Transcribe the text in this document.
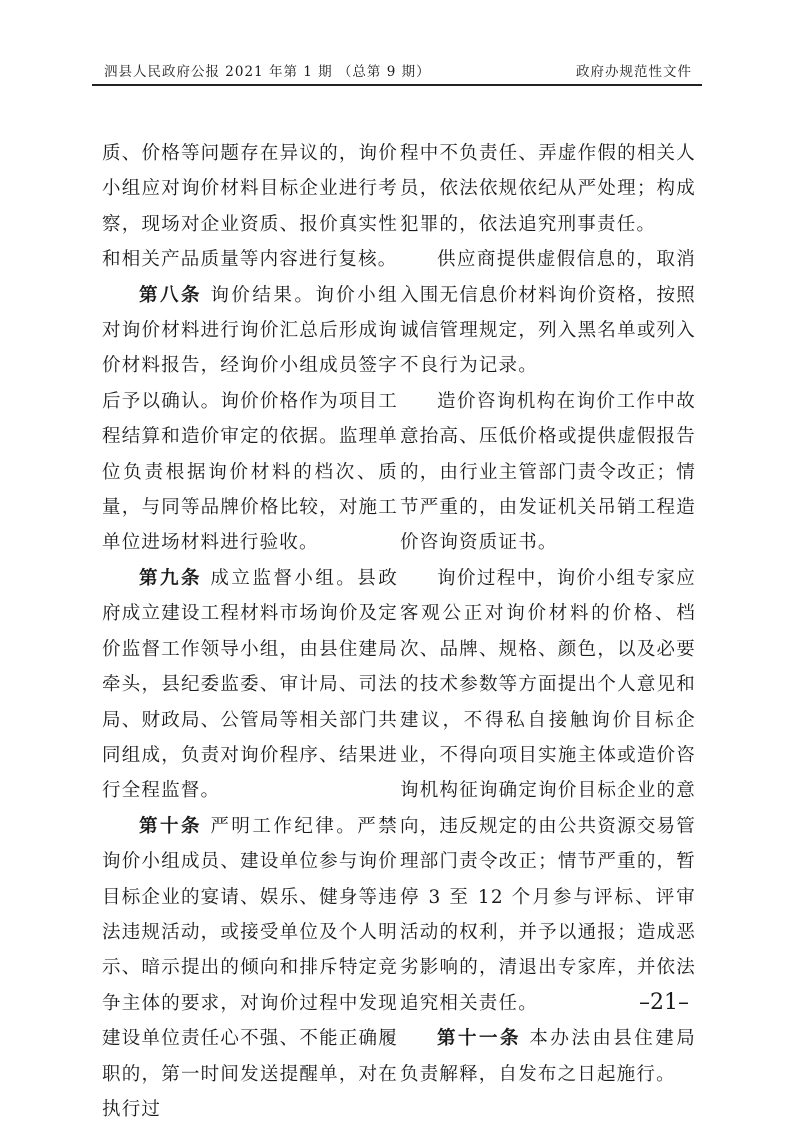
泗县人民政府公报 2021 年第 1 期 （总第 9 期）	政府办规范性文件

质、价格等问题存在异议的，询价小组应对询价材料目标企业进行考察，现场对企业资质、报价真实性和相关产品质量等内容进行复核。

第八条 询价结果。询价小组对询价材料进行询价汇总后形成询价材料报告，经询价小组成员签字后予以确认。询价价格作为项目工程结算和造价审定的依据。监理单位负责根据询价材料的档次、质量，与同等品牌价格比较，对施工单位进场材料进行验收。

第九条 成立监督小组。县政府成立建设工程材料市场询价及定价监督工作领导小组，由县住建局牵头，县纪委监委、审计局、司法局、财政局、公管局等相关部门共同组成，负责对询价程序、结果进行全程监督。

第十条 严明工作纪律。严禁询价小组成员、建设单位参与询价目标企业的宴请、娱乐、健身等违法违规活动，或接受单位及个人明示、暗示提出的倾向和排斥特定竞争主体的要求，对询价过程中发现建设单位责任心不强、不能正确履职的，第一时间发送提醒单，对在执行过

程中不负责任、弄虚作假的相关人员，依法依规依纪从严处理；构成犯罪的，依法追究刑事责任。

供应商提供虚假信息的，取消入围无信息价材料询价资格，按照诚信管理规定，列入黑名单或列入不良行为记录。

造价咨询机构在询价工作中故意抬高、压低价格或提供虚假报告的，由行业主管部门责令改正；情节严重的，由发证机关吊销工程造价咨询资质证书。

询价过程中，询价小组专家应客观公正对询价材料的价格、档次、品牌、规格、颜色，以及必要的技术参数等方面提出个人意见和建议，不得私自接触询价目标企业，不得向项目实施主体或造价咨询机构征询确定询价目标企业的意向，违反规定的由公共资源交易管理部门责令改正；情节严重的，暂停 3 至 12 个月参与评标、评审活动的权利，并予以通报；造成恶劣影响的，清退出专家库，并依法追究相关责任。

第十一条 本办法由县住建局负责解释，自发布之日起施行。

–21–
